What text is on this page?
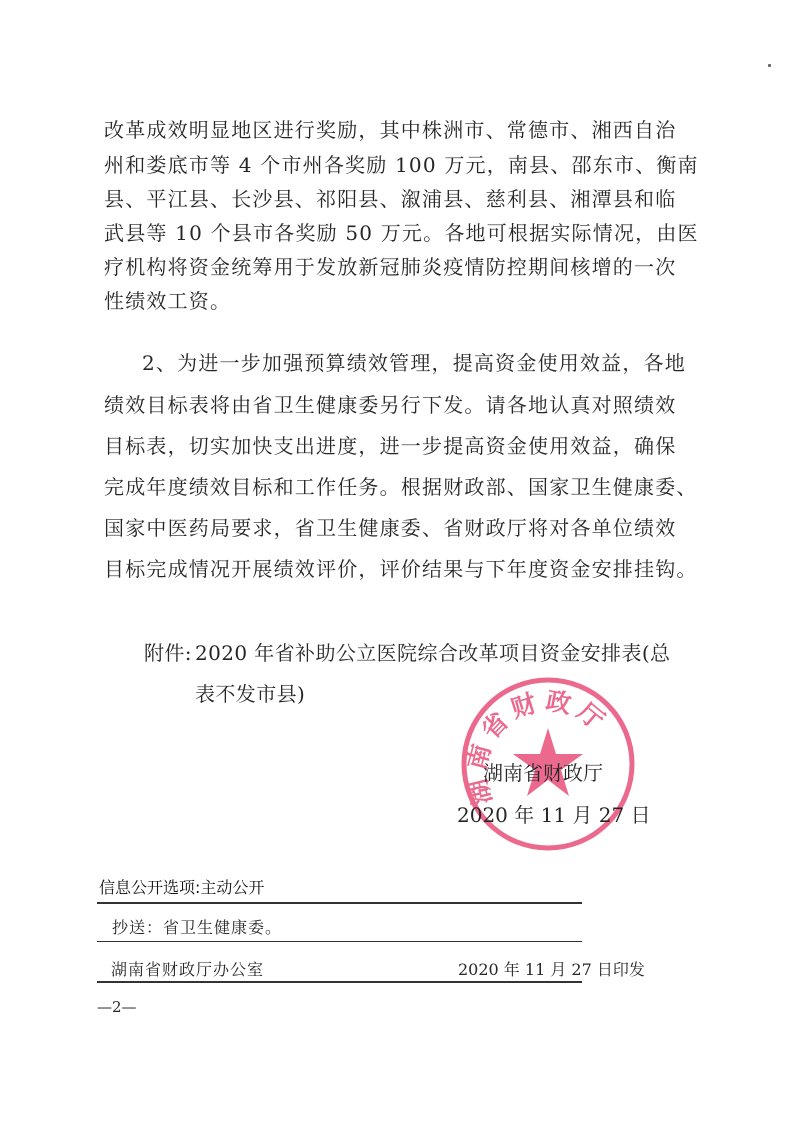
改革成效明显地区进行奖励，其中株洲市、常德市、湘西自治
州和娄底市等 4 个市州各奖励 100 万元，南县、邵东市、衡南
县、平江县、长沙县、祁阳县、溆浦县、慈利县、湘潭县和临
武县等 10 个县市各奖励 50 万元。各地可根据实际情况，由医
疗机构将资金统筹用于发放新冠肺炎疫情防控期间核增的一次
性绩效工资。
2、为进一步加强预算绩效管理，提高资金使用效益，各地
绩效目标表将由省卫生健康委另行下发。请各地认真对照绩效
目标表，切实加快支出进度，进一步提高资金使用效益，确保
完成年度绩效目标和工作任务。根据财政部、国家卫生健康委、
国家中医药局要求，省卫生健康委、省财政厅将对各单位绩效
目标完成情况开展绩效评价，评价结果与下年度资金安排挂钩。
附件: 2020 年省补助公立医院综合改革项目资金安排表(总
表不发市县)
湖南省财政厅
湖南省财政厅
2020 年 11 月 27 日
信息公开选项:主动公开
抄送：省卫生健康委。
湖南省财政厅办公室	2020 年 11 月 27 日印发
—2—
